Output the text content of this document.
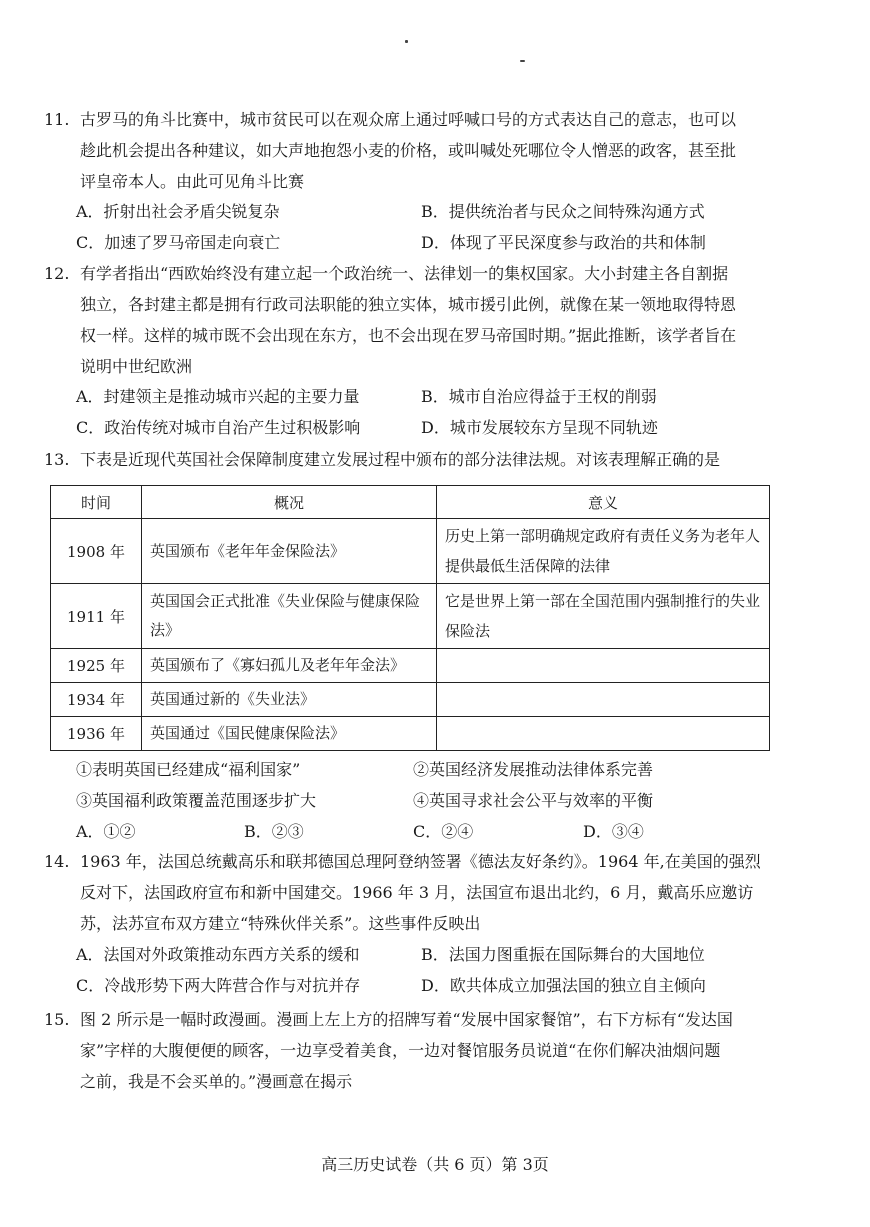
11. 古罗马的角斗比赛中，城市贫民可以在观众席上通过呼喊口号的方式表达自己的意志，也可以
趁此机会提出各种建议，如大声地抱怨小麦的价格，或叫喊处死哪位令人憎恶的政客，甚至批
评皇帝本人。由此可见角斗比赛
A．折射出社会矛盾尖锐复杂	B．提供统治者与民众之间特殊沟通方式
C．加速了罗马帝国走向衰亡	D．体现了平民深度参与政治的共和体制
12. 有学者指出“西欧始终没有建立起一个政治统一、法律划一的集权国家。大小封建主各自割据
独立，各封建主都是拥有行政司法职能的独立实体，城市援引此例，就像在某一领地取得特恩
权一样。这样的城市既不会出现在东方，也不会出现在罗马帝国时期。”据此推断，该学者旨在
说明中世纪欧洲
A．封建领主是推动城市兴起的主要力量	B．城市自治应得益于王权的削弱
C．政治传统对城市自治产生过积极影响	D．城市发展较东方呈现不同轨迹
13. 下表是近现代英国社会保障制度建立发展过程中颁布的部分法律法规。对该表理解正确的是
时间	概况	意义
1908 年	英国颁布《老年年金保险法》	历史上第一部明确规定政府有责任义务为老年人提供最低生活保障的法律
1911 年	英国国会正式批准《失业保险与健康保险法》	它是世界上第一部在全国范围内强制推行的失业保险法
1925 年	英国颁布了《寡妇孤儿及老年年金法》	
1934 年	英国通过新的《失业法》	
1936 年	英国通过《国民健康保险法》	
①表明英国已经建成“福利国家”	②英国经济发展推动法律体系完善
③英国福利政策覆盖范围逐步扩大	④英国寻求社会公平与效率的平衡
A．①②	B．②③	C．②④	D．③④
14. 1963 年，法国总统戴高乐和联邦德国总理阿登纳签署《德法友好条约》。1964 年,在美国的强烈
反对下，法国政府宣布和新中国建交。1966 年 3 月，法国宣布退出北约，6 月，戴高乐应邀访
苏，法苏宣布双方建立“特殊伙伴关系”。这些事件反映出
A．法国对外政策推动东西方关系的缓和	B．法国力图重振在国际舞台的大国地位
C．冷战形势下两大阵营合作与对抗并存	D．欧共体成立加强法国的独立自主倾向
15. 图 2 所示是一幅时政漫画。漫画上左上方的招牌写着“发展中国家餐馆”，右下方标有“发达国
家”字样的大腹便便的顾客，一边享受着美食，一边对餐馆服务员说道“在你们解决油烟问题
之前，我是不会买单的。”漫画意在揭示
高三历史试卷（共 6 页）第 3页
